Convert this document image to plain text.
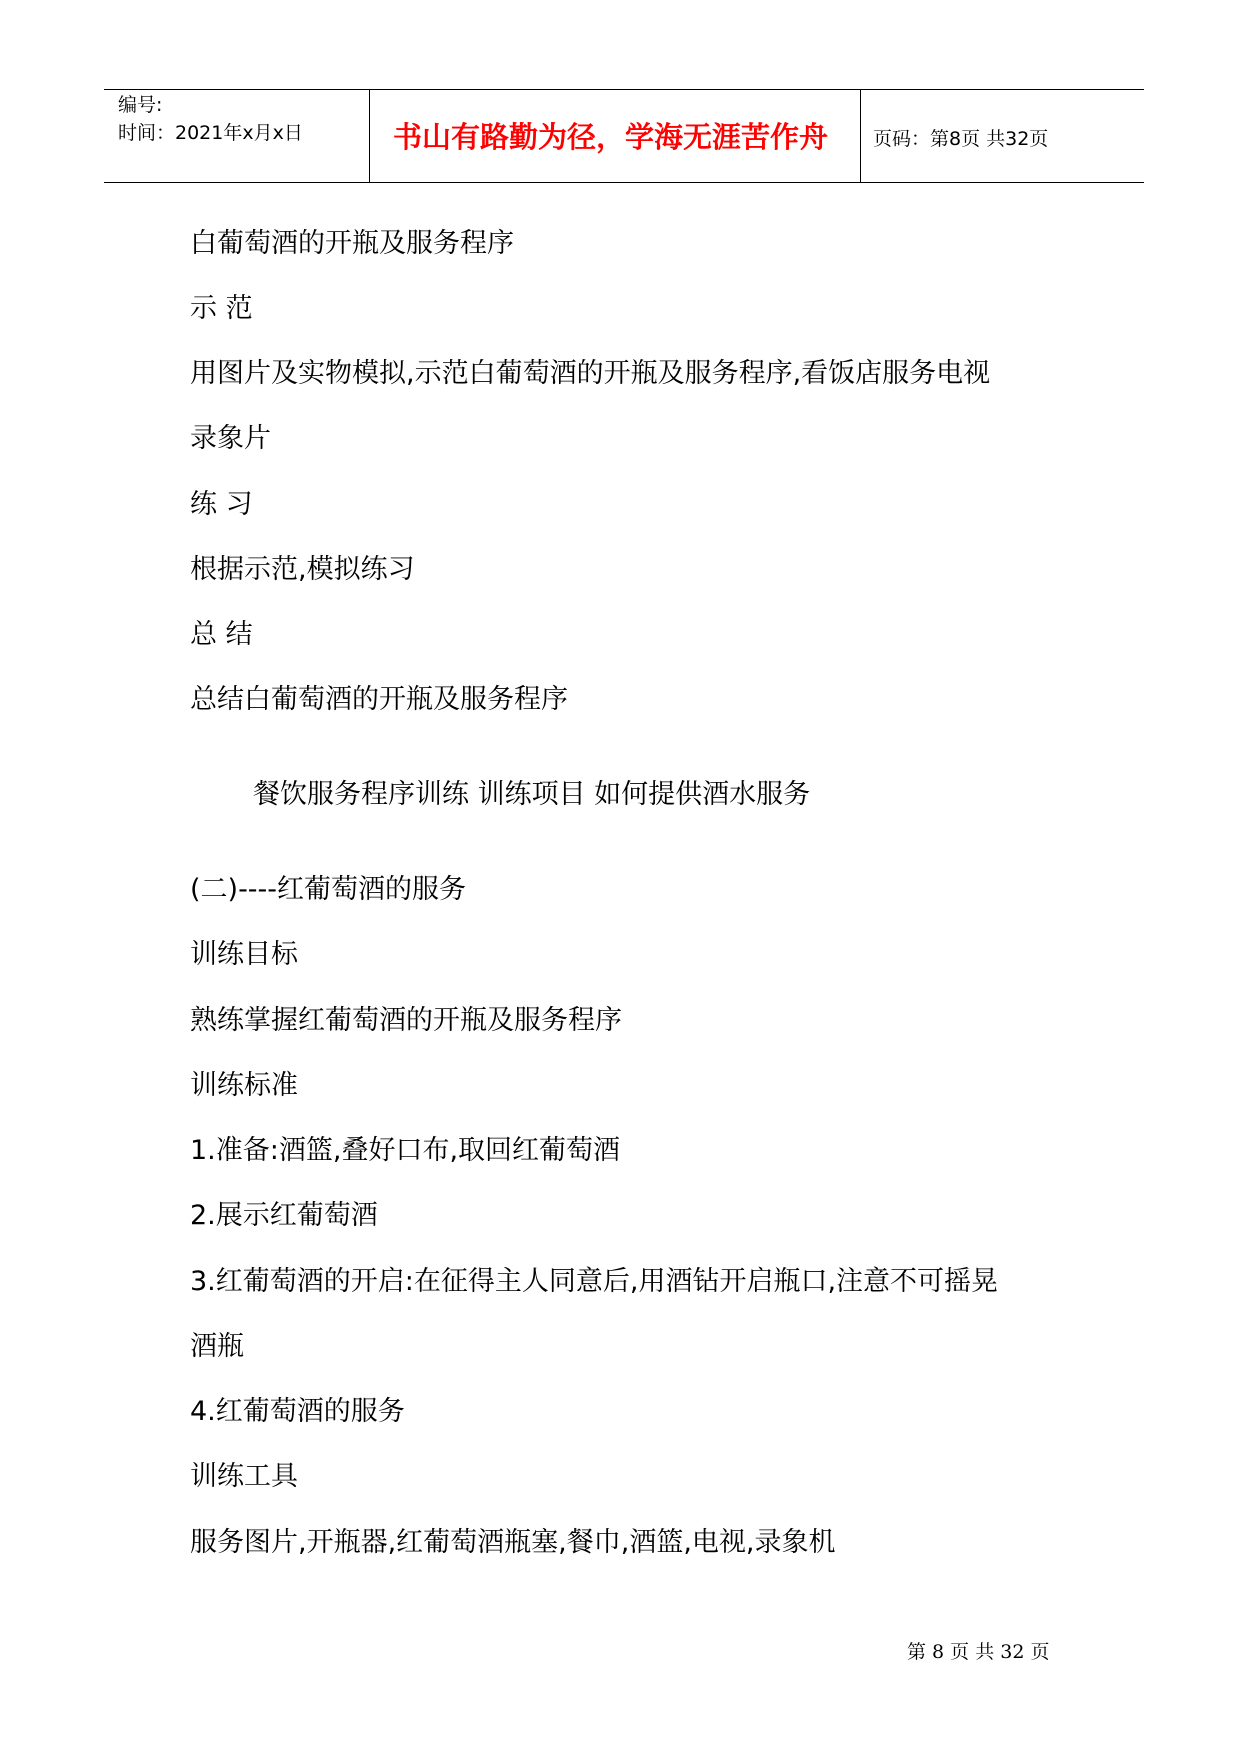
编号:
时间：2021年x月x日	书山有路勤为径，学海无涯苦作舟 页码：第8页 共32页
白葡萄酒的开瓶及服务程序
示 范
用图片及实物模拟,示范白葡萄酒的开瓶及服务程序,看饭店服务电视
录象片
练 习
根据示范,模拟练习
总 结
总结白葡萄酒的开瓶及服务程序
餐饮服务程序训练 训练项目 如何提供酒水服务
(二)----红葡萄酒的服务
训练目标
熟练掌握红葡萄酒的开瓶及服务程序
训练标准
1.准备:酒篮,叠好口布,取回红葡萄酒
2.展示红葡萄酒
3.红葡萄酒的开启:在征得主人同意后,用酒钻开启瓶口,注意不可摇晃
酒瓶
4.红葡萄酒的服务
训练工具
服务图片,开瓶器,红葡萄酒瓶塞,餐巾,酒篮,电视,录象机
第 8 页 共 32 页
